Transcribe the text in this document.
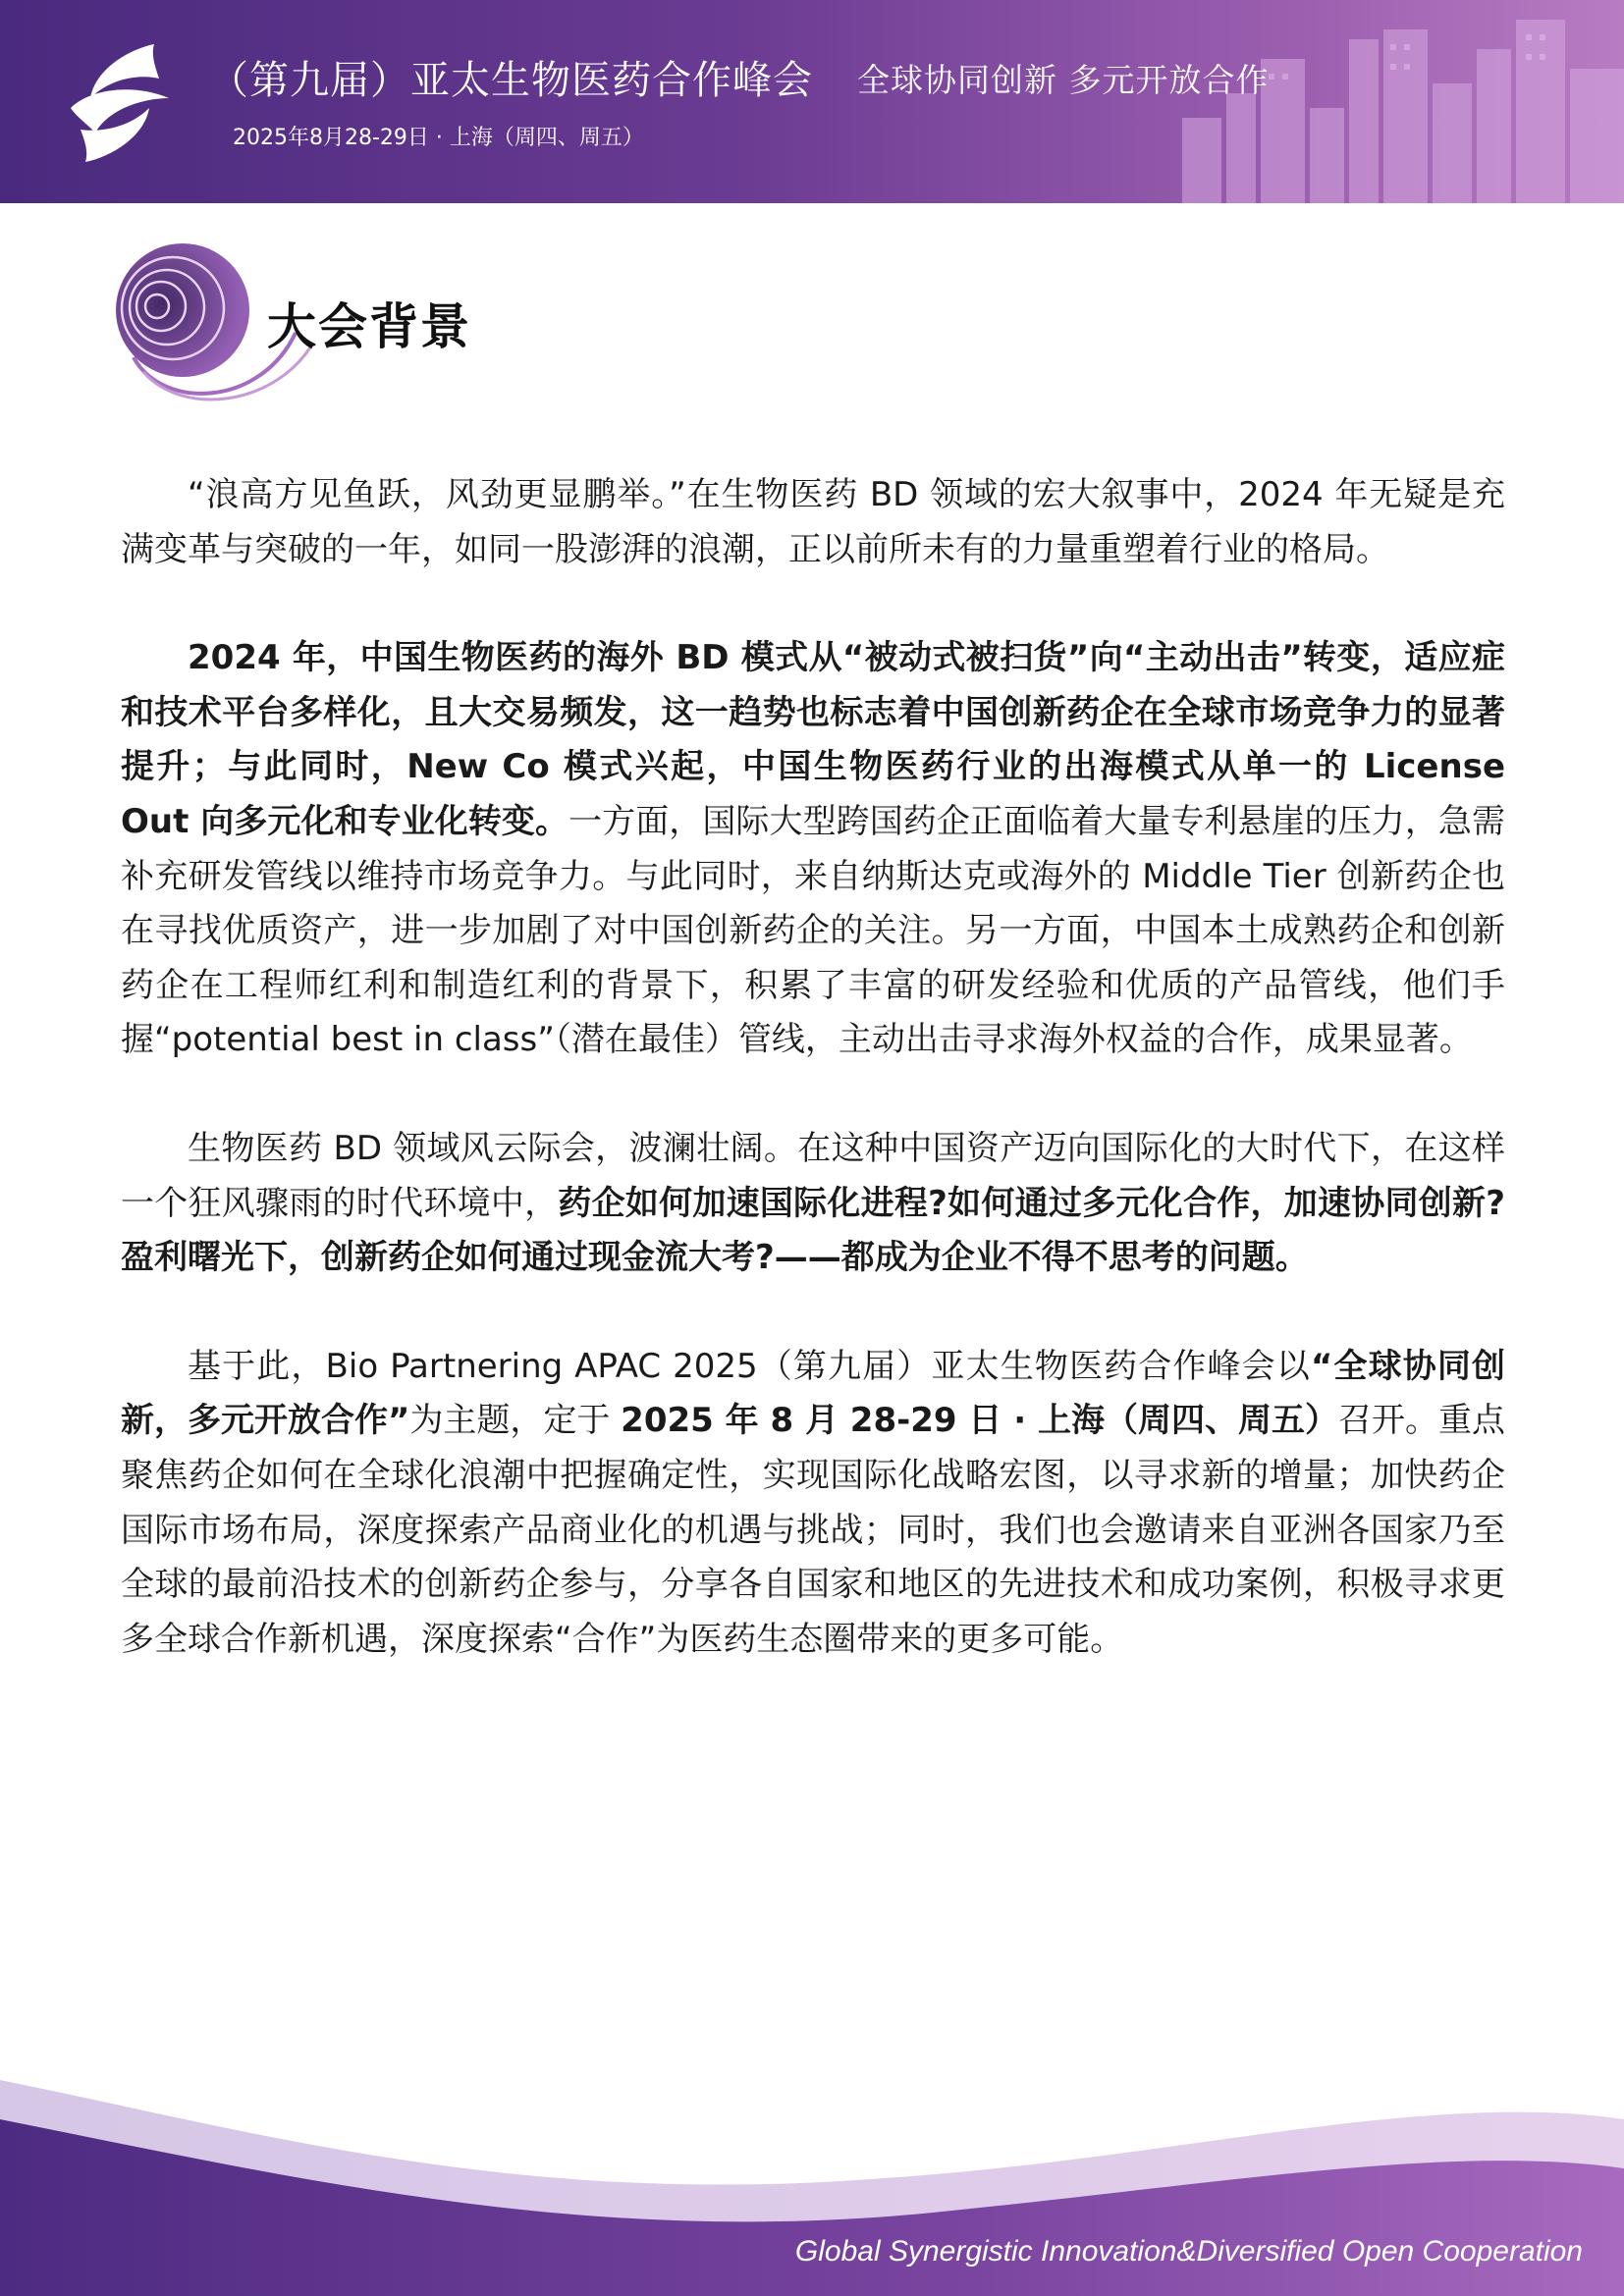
（第九届）亚太生物医药合作峰会 全球协同创新 多元开放合作
2025年8月28-29日 · 上海（周四、周五）
大会背景

“浪高方见鱼跃，风劲更显鹏举。”在生物医药 BD 领域的宏大叙事中，2024 年无疑是充满变革与突破的一年，如同一股澎湃的浪潮，正以前所未有的力量重塑着行业的格局。

2024 年，中国生物医药的海外 BD 模式从“被动式被扫货”向“主动出击”转变，适应症和技术平台多样化，且大交易频发，这一趋势也标志着中国创新药企在全球市场竞争力的显著提升；与此同时，New Co 模式兴起，中国生物医药行业的出海模式从单一的 License Out 向多元化和专业化转变。一方面，国际大型跨国药企正面临着大量专利悬崖的压力，急需补充研发管线以维持市场竞争力。与此同时，来自纳斯达克或海外的 Middle Tier 创新药企也在寻找优质资产，进一步加剧了对中国创新药企的关注。另一方面，中国本土成熟药企和创新药企在工程师红利和制造红利的背景下，积累了丰富的研发经验和优质的产品管线，他们手握“potential best in class”（潜在最佳）管线，主动出击寻求海外权益的合作，成果显著。

生物医药 BD 领域风云际会，波澜壮阔。在这种中国资产迈向国际化的大时代下，在这样一个狂风骤雨的时代环境中，药企如何加速国际化进程?如何通过多元化合作，加速协同创新?盈利曙光下，创新药企如何通过现金流大考?——都成为企业不得不思考的问题。

基于此，Bio Partnering APAC 2025（第九届）亚太生物医药合作峰会以“全球协同创新，多元开放合作”为主题，定于 2025 年 8 月 28-29 日 · 上海（周四、周五）召开。重点聚焦药企如何在全球化浪潮中把握确定性，实现国际化战略宏图，以寻求新的增量；加快药企国际市场布局，深度探索产品商业化的机遇与挑战；同时，我们也会邀请来自亚洲各国家乃至全球的最前沿技术的创新药企参与，分享各自国家和地区的先进技术和成功案例，积极寻求更多全球合作新机遇，深度探索“合作”为医药生态圈带来的更多可能。

Global Synergistic Innovation&Diversified Open Cooperation
